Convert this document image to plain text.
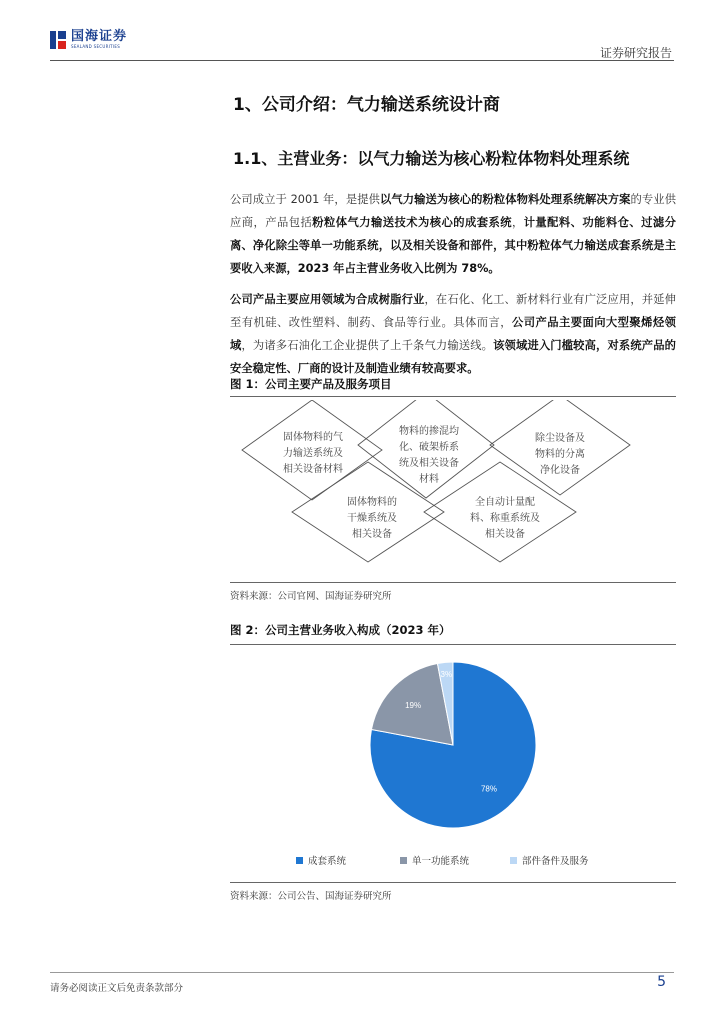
国海证券
SEALAND SECURITIES	证券研究报告
1、公司介绍：气力输送系统设计商
1.1、主营业务：以气力输送为核心粉粒体物料处理系统
公司成立于 2001 年，是提供以气力输送为核心的粉粒体物料处理系统解决方案的专业供应商，产品包括粉粒体气力输送技术为核心的成套系统，计量配料、功能料仓、过滤分离、净化除尘等单一功能系统，以及相关设备和部件，其中粉粒体气力输送成套系统是主要收入来源，2023 年占主营业务收入比例为 78%。
公司产品主要应用领域为合成树脂行业，在石化、化工、新材料行业有广泛应用，并延伸至有机硅、改性塑料、制药、食品等行业。具体而言，公司产品主要面向大型聚烯烃领域，为诸多石油化工企业提供了上千条气力输送线。该领域进入门槛较高，对系统产品的安全稳定性、厂商的设计及制造业绩有较高要求。
图 1：公司主要产品及服务项目
固体物料的气力输送系统及相关设备材料
物料的掺混均化、破架桥系统及相关设备材料
除尘设备及物料的分离净化设备
固体物料的干燥系统及相关设备
全自动计量配料、称重系统及相关设备
资料来源：公司官网、国海证券研究所
图 2：公司主营业务收入构成（2023 年）
78%
19%
3%
成套系统	单一功能系统	部件备件及服务
资料来源：公司公告、国海证券研究所
请务必阅读正文后免责条款部分	5
